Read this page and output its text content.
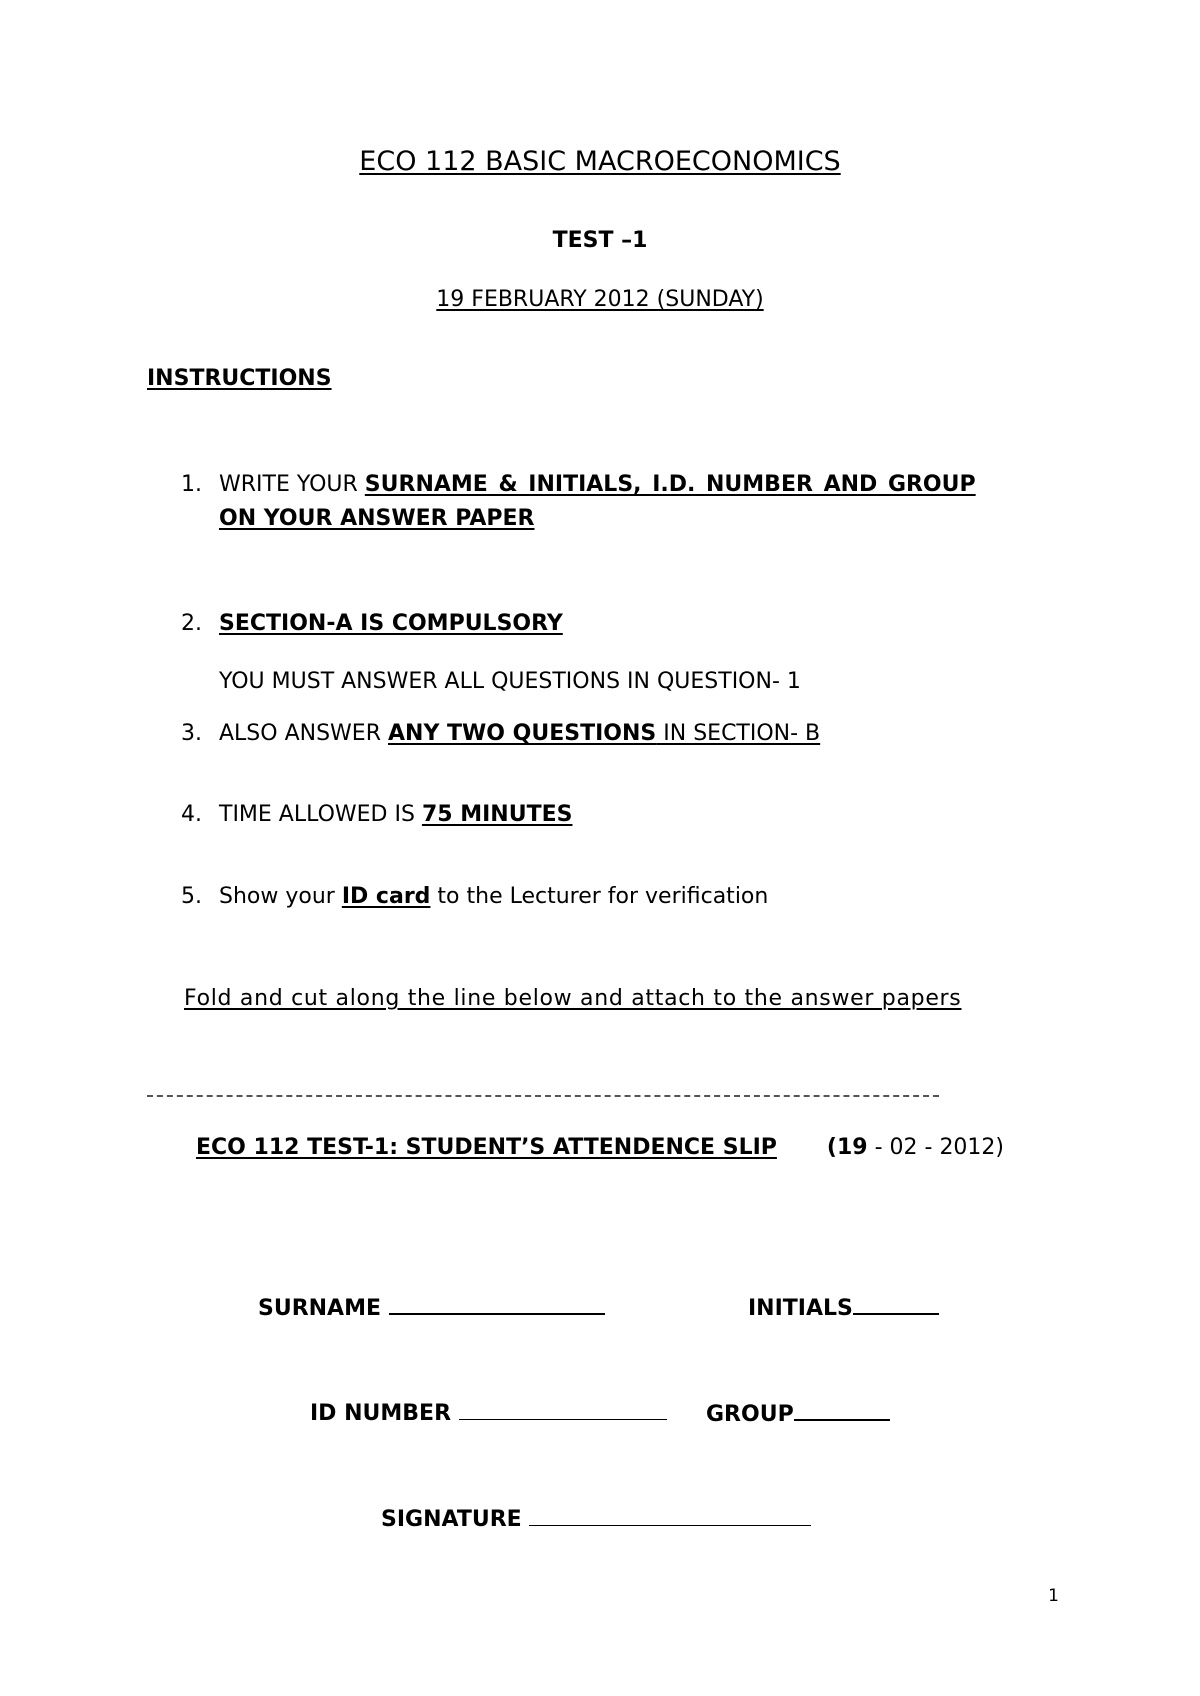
ECO 112 BASIC MACROECONOMICS
TEST –1
19 FEBRUARY 2012 (SUNDAY)
INSTRUCTIONS
1. WRITE YOUR SURNAME & INITIALS, I.D. NUMBER AND GROUP
ON YOUR ANSWER PAPER
2. SECTION-A IS COMPULSORY
YOU MUST ANSWER ALL QUESTIONS IN QUESTION- 1
3. ALSO ANSWER ANY TWO QUESTIONS IN SECTION- B
4. TIME ALLOWED IS 75 MINUTES
5. Show your ID card to the Lecturer for verification
Fold and cut along the line below and attach to the answer papers
ECO 112 TEST-1: STUDENT’S ATTENDENCE SLIP (19 - 02 - 2012)
SURNAME	INITIALS
ID NUMBER	GROUP
SIGNATURE
1
